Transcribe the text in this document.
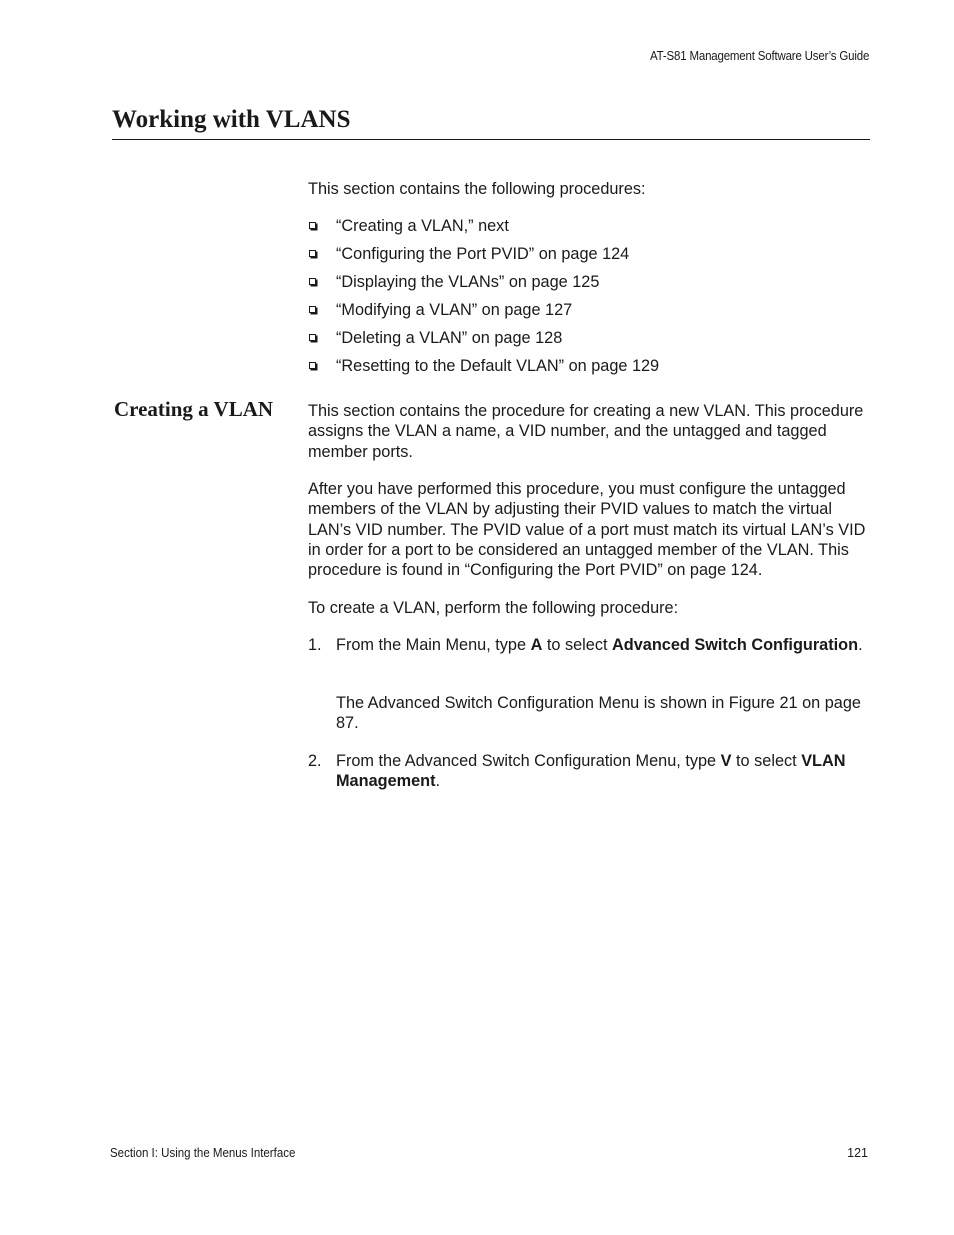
AT-S81 Management Software User’s Guide
Working with VLANS

This section contains the following procedures:

“Creating a VLAN,” next
“Configuring the Port PVID” on page 124
“Displaying the VLANs” on page 125
“Modifying a VLAN” on page 127
“Deleting a VLAN” on page 128
“Resetting to the Default VLAN” on page 129
Creating a VLAN This section contains the procedure for creating a new VLAN. This procedure assigns the VLAN a name, a VID number, and the untagged and tagged member ports.

After you have performed this procedure, you must configure the untagged members of the VLAN by adjusting their PVID values to match the virtual LAN’s VID number. The PVID value of a port must match its virtual LAN’s VID in order for a port to be considered an untagged member of the VLAN. This procedure is found in “Configuring the Port PVID” on page 124.

To create a VLAN, perform the following procedure:

1. From the Main Menu, type A to select Advanced Switch Configuration.

The Advanced Switch Configuration Menu is shown in Figure 21 on page 87.

2. From the Advanced Switch Configuration Menu, type V to select VLAN Management.
Section I: Using the Menus Interface	121
